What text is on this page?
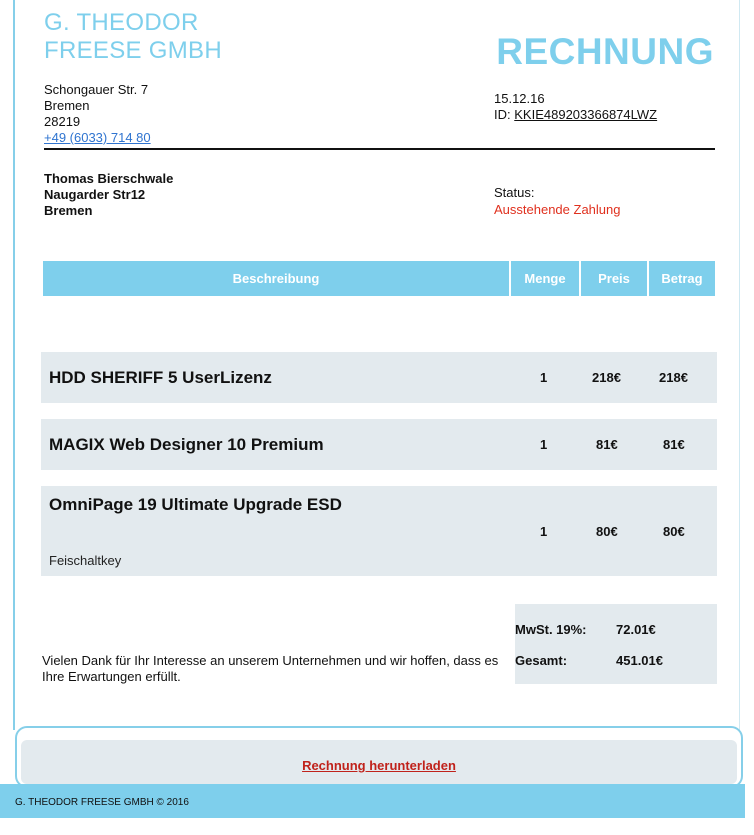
G. THEODOR
FREESE GMBH	RECHNUNG
Schongauer Str. 7
Bremen
28219
+49 (6033) 714 80
15.12.16
ID: KKIE489203366874LWZ
Thomas Bierschwale
Naugarder Str12
Bremen
Status:
Ausstehende Zahlung
Beschreibung	Menge	Preis	Betrag
HDD SHERIFF 5 UserLizenz	1	218€	218€
MAGIX Web Designer 10 Premium	1	81€	81€
OmniPage 19 Ultimate Upgrade ESD
Feischaltkey
1	80€	80€
MwSt. 19%: 72.01€
Gesamt:	451.01€
Vielen Dank für Ihr Interesse an unserem Unternehmen und wir hoffen, dass es Ihre Erwartungen erfüllt.
Rechnung herunterladen
G. THEODOR FREESE GMBH © 2016
